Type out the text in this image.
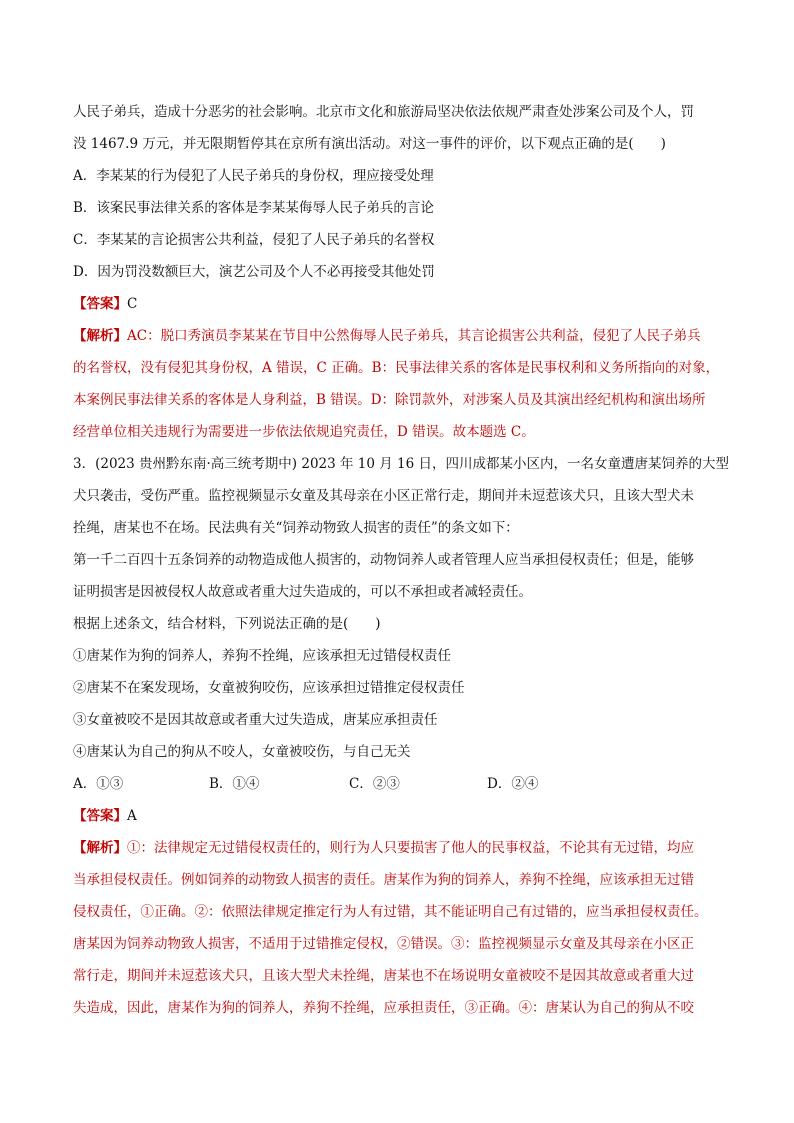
人民子弟兵，造成十分恶劣的社会影响。北京市文化和旅游局坚决依法依规严肃查处涉案公司及个人，罚
没 1467.9 万元，并无限期暂停其在京所有演出活动。对这一事件的评价，以下观点正确的是(　　)
A．李某某的行为侵犯了人民子弟兵的身份权，理应接受处理
B．该案民事法律关系的客体是李某某侮辱人民子弟兵的言论
C．李某某的言论损害公共利益，侵犯了人民子弟兵的名誉权
D．因为罚没数额巨大，演艺公司及个人不必再接受其他处罚
【答案】C
【解析】AC：脱口秀演员李某某在节目中公然侮辱人民子弟兵，其言论损害公共利益，侵犯了人民子弟兵
的名誉权，没有侵犯其身份权，A 错误，C 正确。B：民事法律关系的客体是民事权利和义务所指向的对象，
本案例民事法律关系的客体是人身利益，B 错误。D：除罚款外，对涉案人员及其演出经纪机构和演出场所
经营单位相关违规行为需要进一步依法依规追究责任，D 错误。故本题选 C。
3．(2023 贵州黔东南·高三统考期中) 2023 年 10 月 16 日，四川成都某小区内，一名女童遭唐某饲养的大型
犬只袭击，受伤严重。监控视频显示女童及其母亲在小区正常行走，期间并未逗惹该犬只，且该大型犬未
拴绳，唐某也不在场。民法典有关“饲养动物致人损害的责任”的条文如下：
第一千二百四十五条饲养的动物造成他人损害的，动物饲养人或者管理人应当承担侵权责任；但是，能够
证明损害是因被侵权人故意或者重大过失造成的，可以不承担或者减轻责任。
根据上述条文，结合材料，下列说法正确的是(　　)
①唐某作为狗的饲养人，养狗不拴绳，应该承担无过错侵权责任
②唐某不在案发现场，女童被狗咬伤，应该承担过错推定侵权责任
③女童被咬不是因其故意或者重大过失造成，唐某应承担责任
④唐某认为自己的狗从不咬人，女童被咬伤，与自己无关
A．①③	B．①④	C．②③	D．②④
【答案】A
【解析】①：法律规定无过错侵权责任的，则行为人只要损害了他人的民事权益，不论其有无过错，均应
当承担侵权责任。例如饲养的动物致人损害的责任。唐某作为狗的饲养人，养狗不拴绳，应该承担无过错
侵权责任，①正确。②：依照法律规定推定行为人有过错，其不能证明自己有过错的，应当承担侵权责任。
唐某因为饲养动物致人损害，不适用于过错推定侵权，②错误。③：监控视频显示女童及其母亲在小区正
常行走，期间并未逗惹该犬只，且该大型犬未拴绳，唐某也不在场说明女童被咬不是因其故意或者重大过
失造成，因此，唐某作为狗的饲养人，养狗不拴绳，应承担责任，③正确。④：唐某认为自己的狗从不咬
